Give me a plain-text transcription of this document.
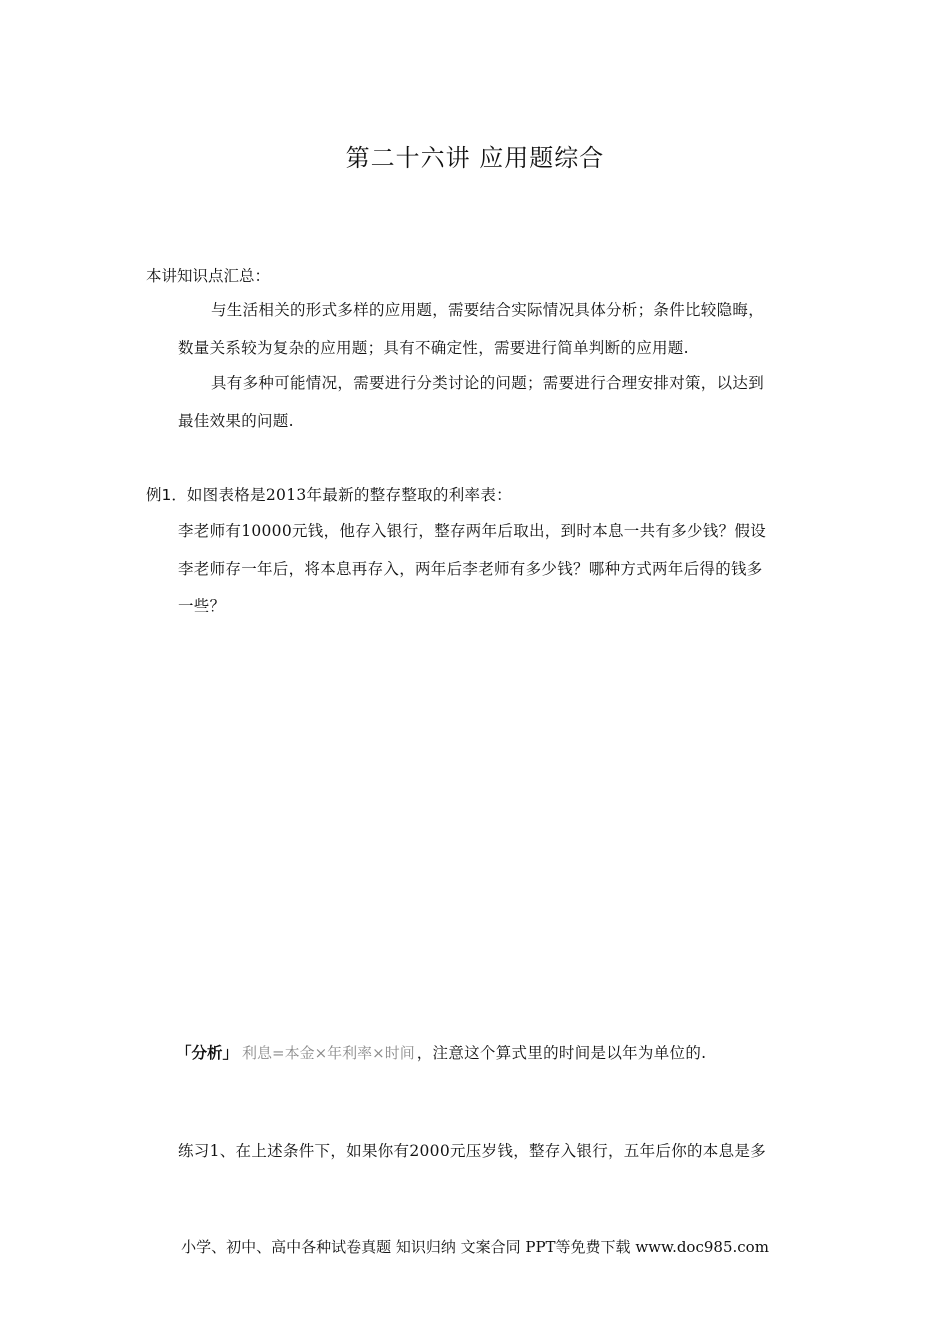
第二十六讲 应用题综合
本讲知识点汇总：
与生活相关的形式多样的应用题，需要结合实际情况具体分析；条件比较隐晦，
数量关系较为复杂的应用题；具有不确定性，需要进行简单判断的应用题.
具有多种可能情况，需要进行分类讨论的问题；需要进行合理安排对策，以达到
最佳效果的问题.
例1．如图表格是2013年最新的整存整取的利率表：
李老师有10000元钱，他存入银行，整存两年后取出，到时本息一共有多少钱？假设
李老师存一年后，将本息再存入，两年后李老师有多少钱？哪种方式两年后得的钱多
一些？
「分析」 利息=本金×年利率×时间 ，注意这个算式里的时间是以年为单位的.
练习1、在上述条件下，如果你有2000元压岁钱，整存入银行，五年后你的本息是多
小学、初中、高中各种试卷真题 知识归纳 文案合同 PPT等免费下载 www.doc985.com
